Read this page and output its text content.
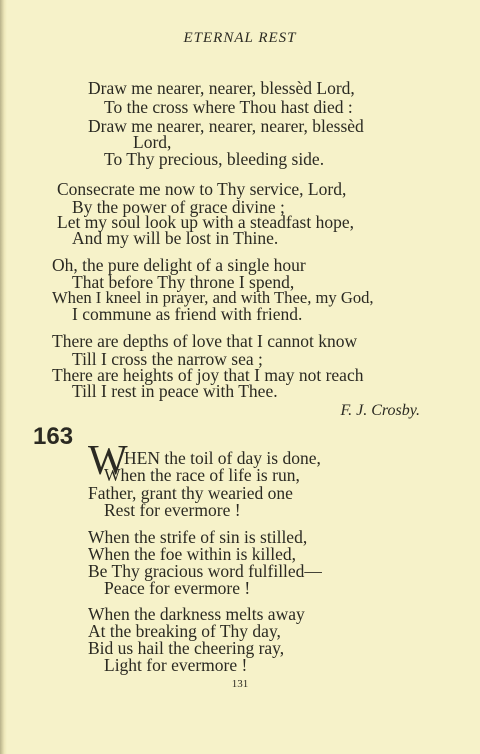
ETERNAL REST
Draw me nearer, nearer, blessèd Lord,
To the cross where Thou hast died :
Draw me nearer, nearer, nearer, blessèd
Lord,
To Thy precious, bleeding side.
Consecrate me now to Thy service, Lord,
By the power of grace divine ;
Let my soul look up with a steadfast hope,
And my will be lost in Thine.
Oh, the pure delight of a single hour
That before Thy throne I spend,
When I kneel in prayer, and with Thee, my God,
I commune as friend with friend.
There are depths of love that I cannot know
Till I cross the narrow sea ;
There are heights of joy that I may not reach
Till I rest in peace with Thee.
F. J. Crosby.
163
W
HEN the toil of day is done,
When the race of life is run,
Father, grant thy wearied one
Rest for evermore !
When the strife of sin is stilled,
When the foe within is killed,
Be Thy gracious word fulfilled—
Peace for evermore !
When the darkness melts away
At the breaking of Thy day,
Bid us hail the cheering ray,
Light for evermore !
131
